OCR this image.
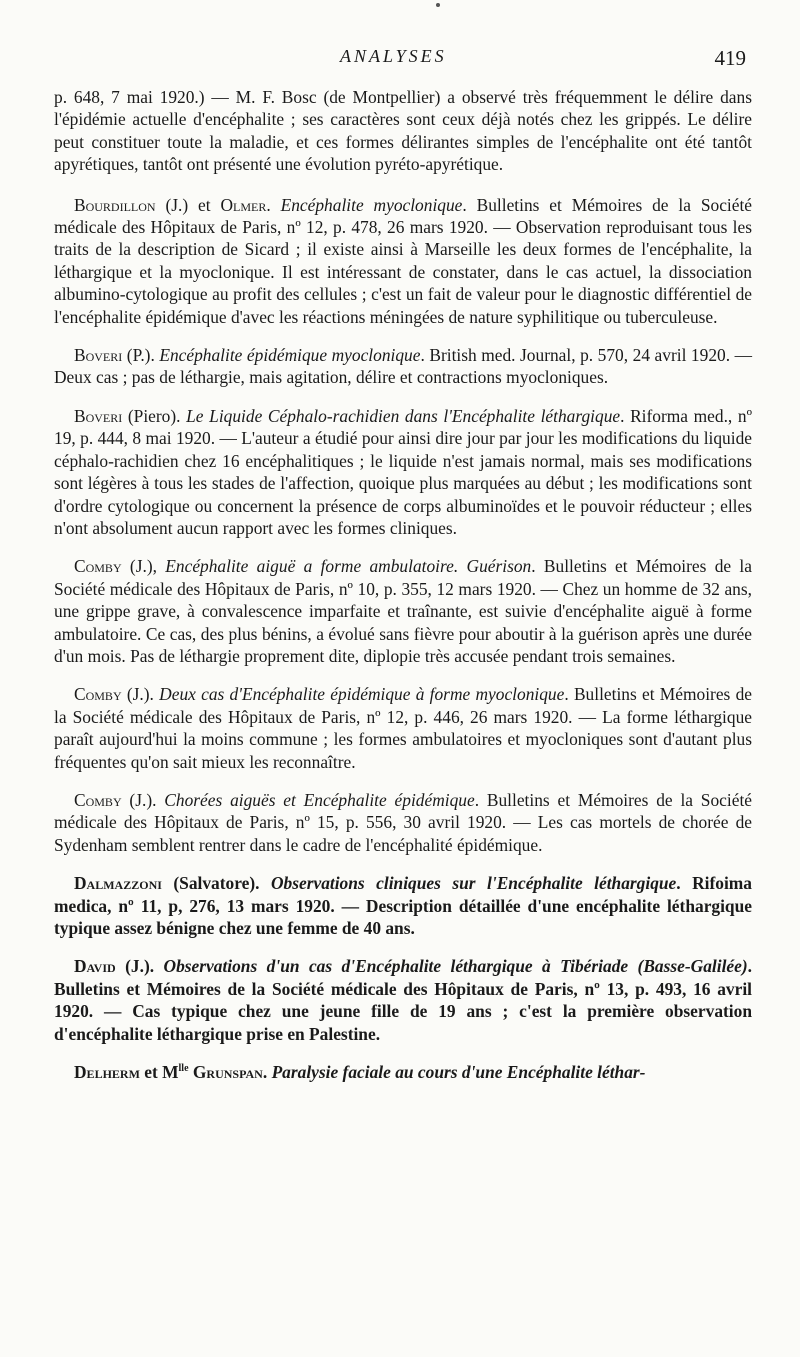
ANALYSES	419

p. 648, 7 mai 1920.) — M. F. Bosc (de Montpellier) a observé très fréquemment le délire dans l'épidémie actuelle d'encéphalite ; ses caractères sont ceux déjà notés chez les grippés. Le délire peut constituer toute la maladie, et ces formes délirantes simples de l'encéphalite ont été tantôt apyrétiques, tantôt ont présenté une évolution pyréto-apyrétique.

Bourdillon (J.) et Olmer. Encéphalite myoclonique. Bulletins et Mémoires de la Société médicale des Hôpitaux de Paris, nº 12, p. 478, 26 mars 1920. — Observation reproduisant tous les traits de la description de Sicard ; il existe ainsi à Marseille les deux formes de l'encéphalite, la léthargique et la myoclonique. Il est intéressant de constater, dans le cas actuel, la dissociation albumino-cytologique au profit des cellules ; c'est un fait de valeur pour le diagnostic différentiel de l'encéphalite épidémique d'avec les réactions méningées de nature syphilitique ou tuberculeuse.

Boveri (P.). Encéphalite épidémique myoclonique. British med. Journal, p. 570, 24 avril 1920. — Deux cas ; pas de léthargie, mais agitation, délire et contractions myocloniques.

Boveri (Piero). Le Liquide Céphalo-rachidien dans l'Encéphalite léthargique. Riforma med., nº 19, p. 444, 8 mai 1920. — L'auteur a étudié pour ainsi dire jour par jour les modifications du liquide céphalo-rachidien chez 16 encéphalitiques ; le liquide n'est jamais normal, mais ses modifications sont légères à tous les stades de l'affection, quoique plus marquées au début ; les modifications sont d'ordre cytologique ou concernent la présence de corps albuminoïdes et le pouvoir réducteur ; elles n'ont absolument aucun rapport avec les formes cliniques.

Comby (J.), Encéphalite aiguë a forme ambulatoire. Guérison. Bulletins et Mémoires de la Société médicale des Hôpitaux de Paris, nº 10, p. 355, 12 mars 1920. — Chez un homme de 32 ans, une grippe grave, à convalescence imparfaite et traînante, est suivie d'encéphalite aiguë à forme ambulatoire. Ce cas, des plus bénins, a évolué sans fièvre pour aboutir à la guérison après une durée d'un mois. Pas de léthargie proprement dite, diplopie très accusée pendant trois semaines.

Comby (J.). Deux cas d'Encéphalite épidémique à forme myoclonique. Bulletins et Mémoires de la Société médicale des Hôpitaux de Paris, nº 12, p. 446, 26 mars 1920. — La forme léthargique paraît aujourd'hui la moins commune ; les formes ambulatoires et myocloniques sont d'autant plus fréquentes qu'on sait mieux les reconnaître.

Comby (J.). Chorées aiguës et Encéphalite épidémique. Bulletins et Mémoires de la Société médicale des Hôpitaux de Paris, nº 15, p. 556, 30 avril 1920. — Les cas mortels de chorée de Sydenham semblent rentrer dans le cadre de l'encéphalité épidémique.

Dalmazzoni (Salvatore). Observations cliniques sur l'Encéphalite léthargique. Rifoima medica, nº 11, p, 276, 13 mars 1920. — Description détaillée d'une encéphalite léthargique typique assez bénigne chez une femme de 40 ans.

David (J.). Observations d'un cas d'Encéphalite léthargique à Tibériade (Basse-Galilée). Bulletins et Mémoires de la Société médicale des Hôpitaux de Paris, nº 13, p. 493, 16 avril 1920. — Cas typique chez une jeune fille de 19 ans ; c'est la première observation d'encéphalite léthargique prise en Palestine.

Delherm et $M^{lle}$ Grunspan. Paralysie faciale au cours d'une Encéphalite léthar-
